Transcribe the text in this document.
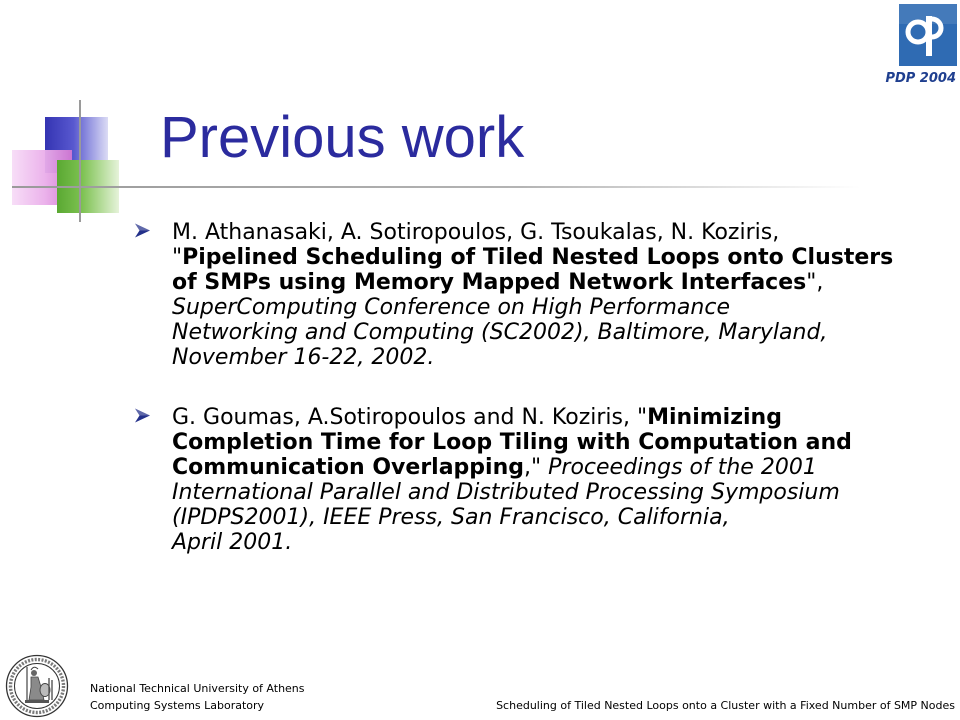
PDP 2004
Previous work
M. Athanasaki, A. Sotiropoulos, G. Tsoukalas, N. Koziris,
"Pipelined Scheduling of Tiled Nested Loops onto Clusters
of SMPs using Memory Mapped Network Interfaces",
SuperComputing Conference on High Performance
Networking and Computing (SC2002), Baltimore, Maryland,
November 16-22, 2002.
G. Goumas, A.Sotiropoulos and N. Koziris, "Minimizing
Completion Time for Loop Tiling with Computation and
Communication Overlapping," Proceedings of the 2001
International Parallel and Distributed Processing Symposium
(IPDPS2001), IEEE Press, San Francisco, California,
April 2001.
National Technical University of Athens
Computing Systems Laboratory	Scheduling of Tiled Nested Loops onto a Cluster with a Fixed Number of SMP Nodes
